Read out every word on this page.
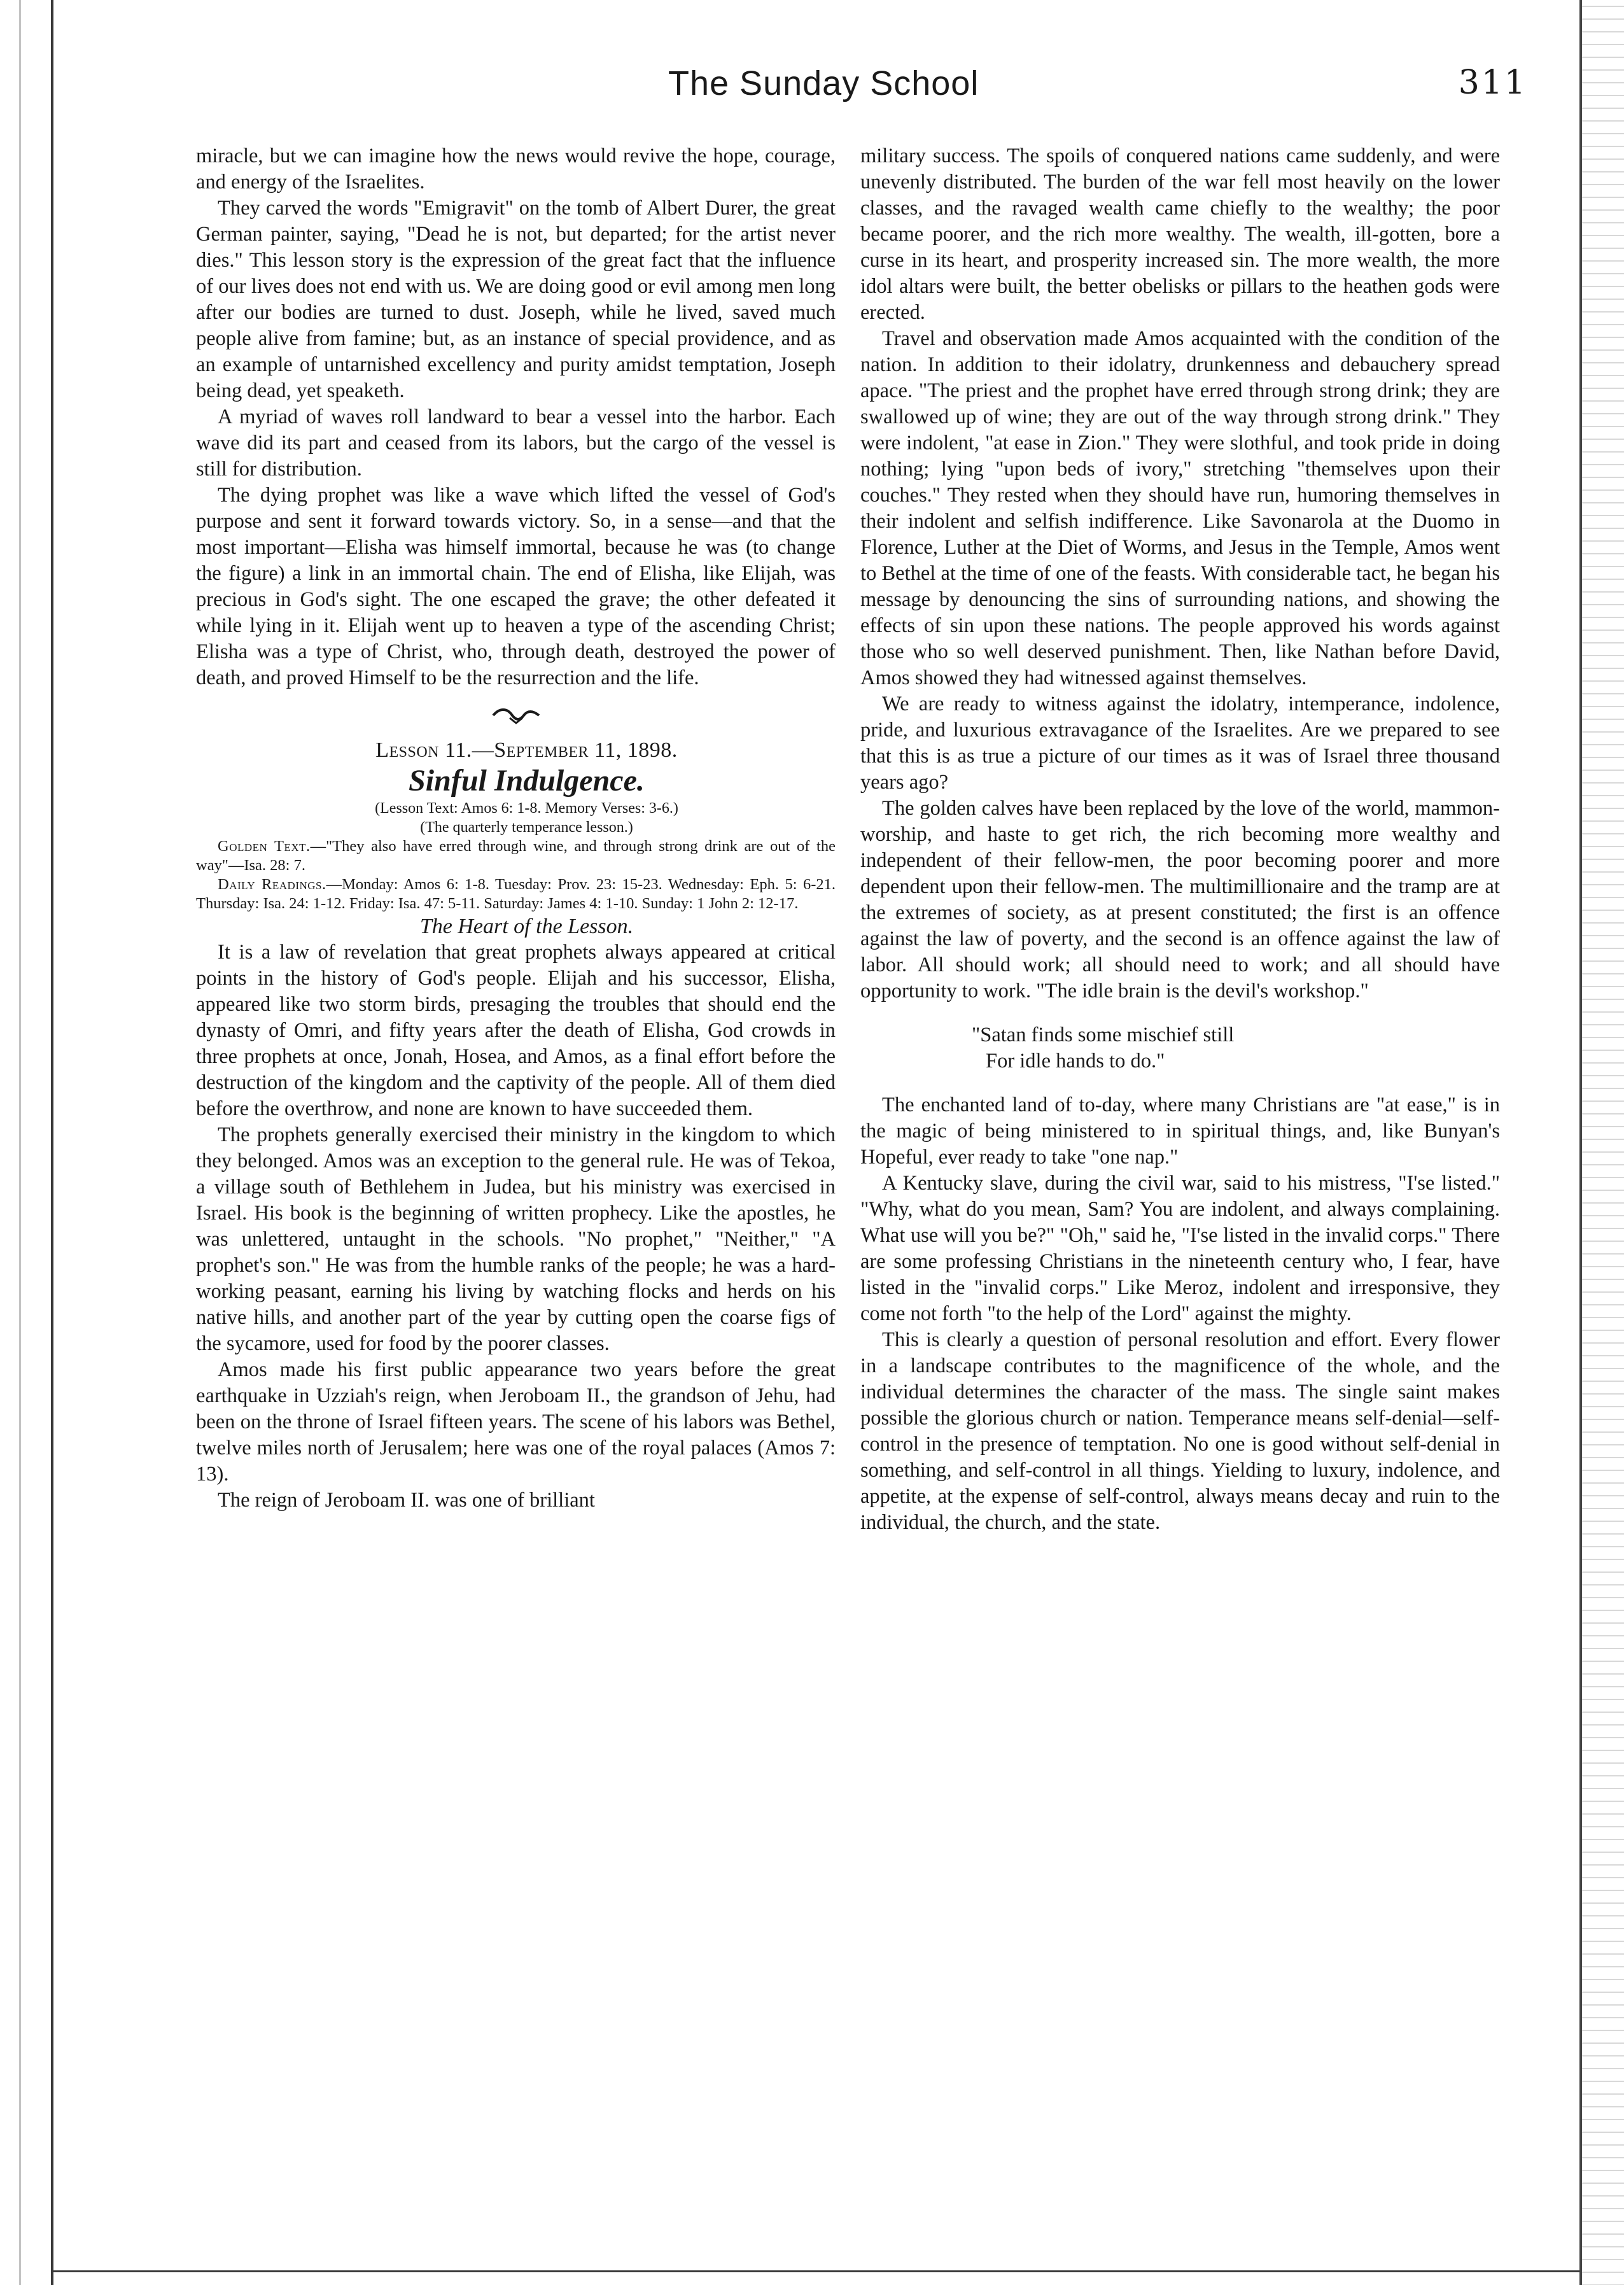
The Sunday School	311

miracle, but we can imagine how the news would revive the hope, courage, and energy of the Israelites.

They carved the words "Emigravit" on the tomb of Albert Durer, the great German painter, saying, "Dead he is not, but departed; for the artist never dies." This lesson story is the expression of the great fact that the influence of our lives does not end with us. We are doing good or evil among men long after our bodies are turned to dust. Joseph, while he lived, saved much people alive from famine; but, as an instance of special providence, and as an example of untarnished excellency and purity amidst temptation, Joseph being dead, yet speaketh.

A myriad of waves roll landward to bear a vessel into the harbor. Each wave did its part and ceased from its labors, but the cargo of the vessel is still for distribution.

The dying prophet was like a wave which lifted the vessel of God's purpose and sent it forward towards victory. So, in a sense—and that the most important—Elisha was himself immortal, because he was (to change the figure) a link in an immortal chain. The end of Elisha, like Elijah, was precious in God's sight. The one escaped the grave; the other defeated it while lying in it. Elijah went up to heaven a type of the ascending Christ; Elisha was a type of Christ, who, through death, destroyed the power of death, and proved Himself to be the resurrection and the life.

Lesson 11.—September 11, 1898.

Sinful Indulgence.

(Lesson Text: Amos 6: 1-8. Memory Verses: 3-6.)

(The quarterly temperance lesson.)

Golden Text.—"They also have erred through wine, and through strong drink are out of the way"—Isa. 28: 7.

Daily Readings.—Monday: Amos 6: 1-8. Tuesday: Prov. 23: 15-23. Wednesday: Eph. 5: 6-21. Thursday: Isa. 24: 1-12. Friday: Isa. 47: 5-11. Saturday: James 4: 1-10. Sunday: 1 John 2: 12-17.

The Heart of the Lesson.

It is a law of revelation that great prophets always appeared at critical points in the history of God's people. Elijah and his successor, Elisha, appeared like two storm birds, presaging the troubles that should end the dynasty of Omri, and fifty years after the death of Elisha, God crowds in three prophets at once, Jonah, Hosea, and Amos, as a final effort before the destruction of the kingdom and the captivity of the people. All of them died before the overthrow, and none are known to have succeeded them.

The prophets generally exercised their ministry in the kingdom to which they belonged. Amos was an exception to the general rule. He was of Tekoa, a village south of Bethlehem in Judea, but his ministry was exercised in Israel. His book is the beginning of written prophecy. Like the apostles, he was unlettered, untaught in the schools. "No prophet," "Neither," "A prophet's son." He was from the humble ranks of the people; he was a hard-working peasant, earning his living by watching flocks and herds on his native hills, and another part of the year by cutting open the coarse figs of the sycamore, used for food by the poorer classes.

Amos made his first public appearance two years before the great earthquake in Uzziah's reign, when Jeroboam II., the grandson of Jehu, had been on the throne of Israel fifteen years. The scene of his labors was Bethel, twelve miles north of Jerusalem; here was one of the royal palaces (Amos 7: 13).

The reign of Jeroboam II. was one of brilliant

military success. The spoils of conquered nations came suddenly, and were unevenly distributed. The burden of the war fell most heavily on the lower classes, and the ravaged wealth came chiefly to the wealthy; the poor became poorer, and the rich more wealthy. The wealth, ill-gotten, bore a curse in its heart, and prosperity increased sin. The more wealth, the more idol altars were built, the better obelisks or pillars to the heathen gods were erected.

Travel and observation made Amos acquainted with the condition of the nation. In addition to their idolatry, drunkenness and debauchery spread apace. "The priest and the prophet have erred through strong drink; they are swallowed up of wine; they are out of the way through strong drink." They were indolent, "at ease in Zion." They were slothful, and took pride in doing nothing; lying "upon beds of ivory," stretching "themselves upon their couches." They rested when they should have run, humoring themselves in their indolent and selfish indifference. Like Savonarola at the Duomo in Florence, Luther at the Diet of Worms, and Jesus in the Temple, Amos went to Bethel at the time of one of the feasts. With considerable tact, he began his message by denouncing the sins of surrounding nations, and showing the effects of sin upon these nations. The people approved his words against those who so well deserved punishment. Then, like Nathan before David, Amos showed they had witnessed against themselves.

We are ready to witness against the idolatry, intemperance, indolence, pride, and luxurious extravagance of the Israelites. Are we prepared to see that this is as true a picture of our times as it was of Israel three thousand years ago?

The golden calves have been replaced by the love of the world, mammon-worship, and haste to get rich, the rich becoming more wealthy and independent of their fellow-men, the poor becoming poorer and more dependent upon their fellow-men. The multimillionaire and the tramp are at the extremes of society, as at present constituted; the first is an offence against the law of poverty, and the second is an offence against the law of labor. All should work; all should need to work; and all should have opportunity to work. "The idle brain is the devil's workshop."

"Satan finds some mischief still
For idle hands to do."

The enchanted land of to-day, where many Christians are "at ease," is in the magic of being ministered to in spiritual things, and, like Bunyan's Hopeful, ever ready to take "one nap."

A Kentucky slave, during the civil war, said to his mistress, "I'se listed." "Why, what do you mean, Sam? You are indolent, and always complaining. What use will you be?" "Oh," said he, "I'se listed in the invalid corps." There are some professing Christians in the nineteenth century who, I fear, have listed in the "invalid corps." Like Meroz, indolent and irresponsive, they come not forth "to the help of the Lord" against the mighty.

This is clearly a question of personal resolution and effort. Every flower in a landscape contributes to the magnificence of the whole, and the individual determines the character of the mass. The single saint makes possible the glorious church or nation. Temperance means self-denial—self-control in the presence of temptation. No one is good without self-denial in something, and self-control in all things. Yielding to luxury, indolence, and appetite, at the expense of self-control, always means decay and ruin to the individual, the church, and the state.
